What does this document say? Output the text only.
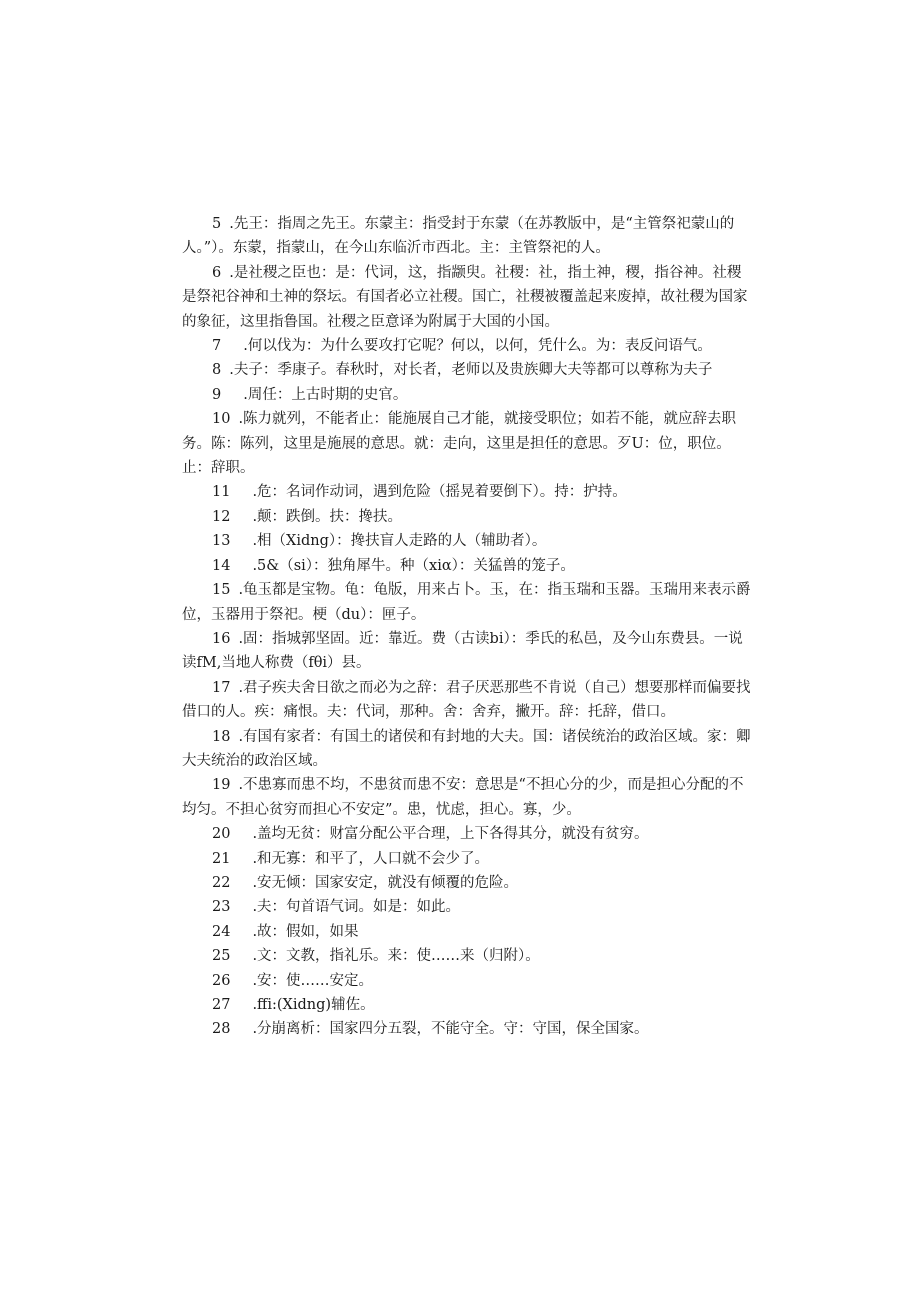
5 .先王：指周之先王。东蒙主：指受封于东蒙（在苏教版中，是“主管祭祀蒙山的人。”）。东蒙，指蒙山，在今山东临沂市西北。主：主管祭祀的人。

6 .是社稷之臣也：是：代词，这，指颛臾。社稷：社，指土神，稷，指谷神。社稷是祭祀谷神和土神的祭坛。有国者必立社稷。国亡，社稷被覆盖起来废掉，故社稷为国家的象征，这里指鲁国。社稷之臣意译为附属于大国的小国。

7 .何以伐为：为什么要攻打它呢？何以，以何，凭什么。为：表反问语气。

8 .夫子：季康子。春秋时，对长者，老师以及贵族卿大夫等都可以尊称为夫子

9 .周任：上古时期的史官。

10 .陈力就列，不能者止：能施展自己才能，就接受职位；如若不能，就应辞去职务。陈：陈列，这里是施展的意思。就：走向，这里是担任的意思。歹U：位，职位。止：辞职。

11 .危：名词作动词，遇到危险（摇晃着要倒下）。持：护持。

12 .颠：跌倒。扶：搀扶。

13 .相（Xidng）：搀扶盲人走路的人（辅助者）。

14 .5&（si）：独角犀牛。种（xiα）：关猛兽的笼子。

15 .龟玉都是宝物。龟：龟版，用来占卜。玉，在：指玉瑞和玉器。玉瑞用来表示爵位，玉器用于祭祀。梗（du）：匣子。

16 .固：指城郭坚固。近：靠近。费（古读bi）：季氏的私邑，及今山东费县。一说读fM,当地人称费（fθi）县。

17 .君子疾夫舍日欲之而必为之辞：君子厌恶那些不肯说（自己）想要那样而偏要找借口的人。疾：痛恨。夫：代词，那种。舍：舍弃，撇开。辞：托辞，借口。

18 .有国有家者：有国土的诸侯和有封地的大夫。国：诸侯统治的政治区域。家：卿大夫统治的政治区域。

19 .不患寡而患不均，不患贫而患不安：意思是“不担心分的少，而是担心分配的不均匀。不担心贫穷而担心不安定”。患，忧虑，担心。寡，少。

20 .盖均无贫：财富分配公平合理，上下各得其分，就没有贫穷。

21 .和无寡：和平了，人口就不会少了。

22 .安无倾：国家安定，就没有倾覆的危险。

23 .夫：句首语气词。如是：如此。

24 .故：假如，如果

25 .文：文教，指礼乐。来：使……来（归附）。

26 .安：使……安定。

27 .ffi:(Xidng)辅佐。

28 .分崩离析：国家四分五裂，不能守全。守：守国，保全国家。
